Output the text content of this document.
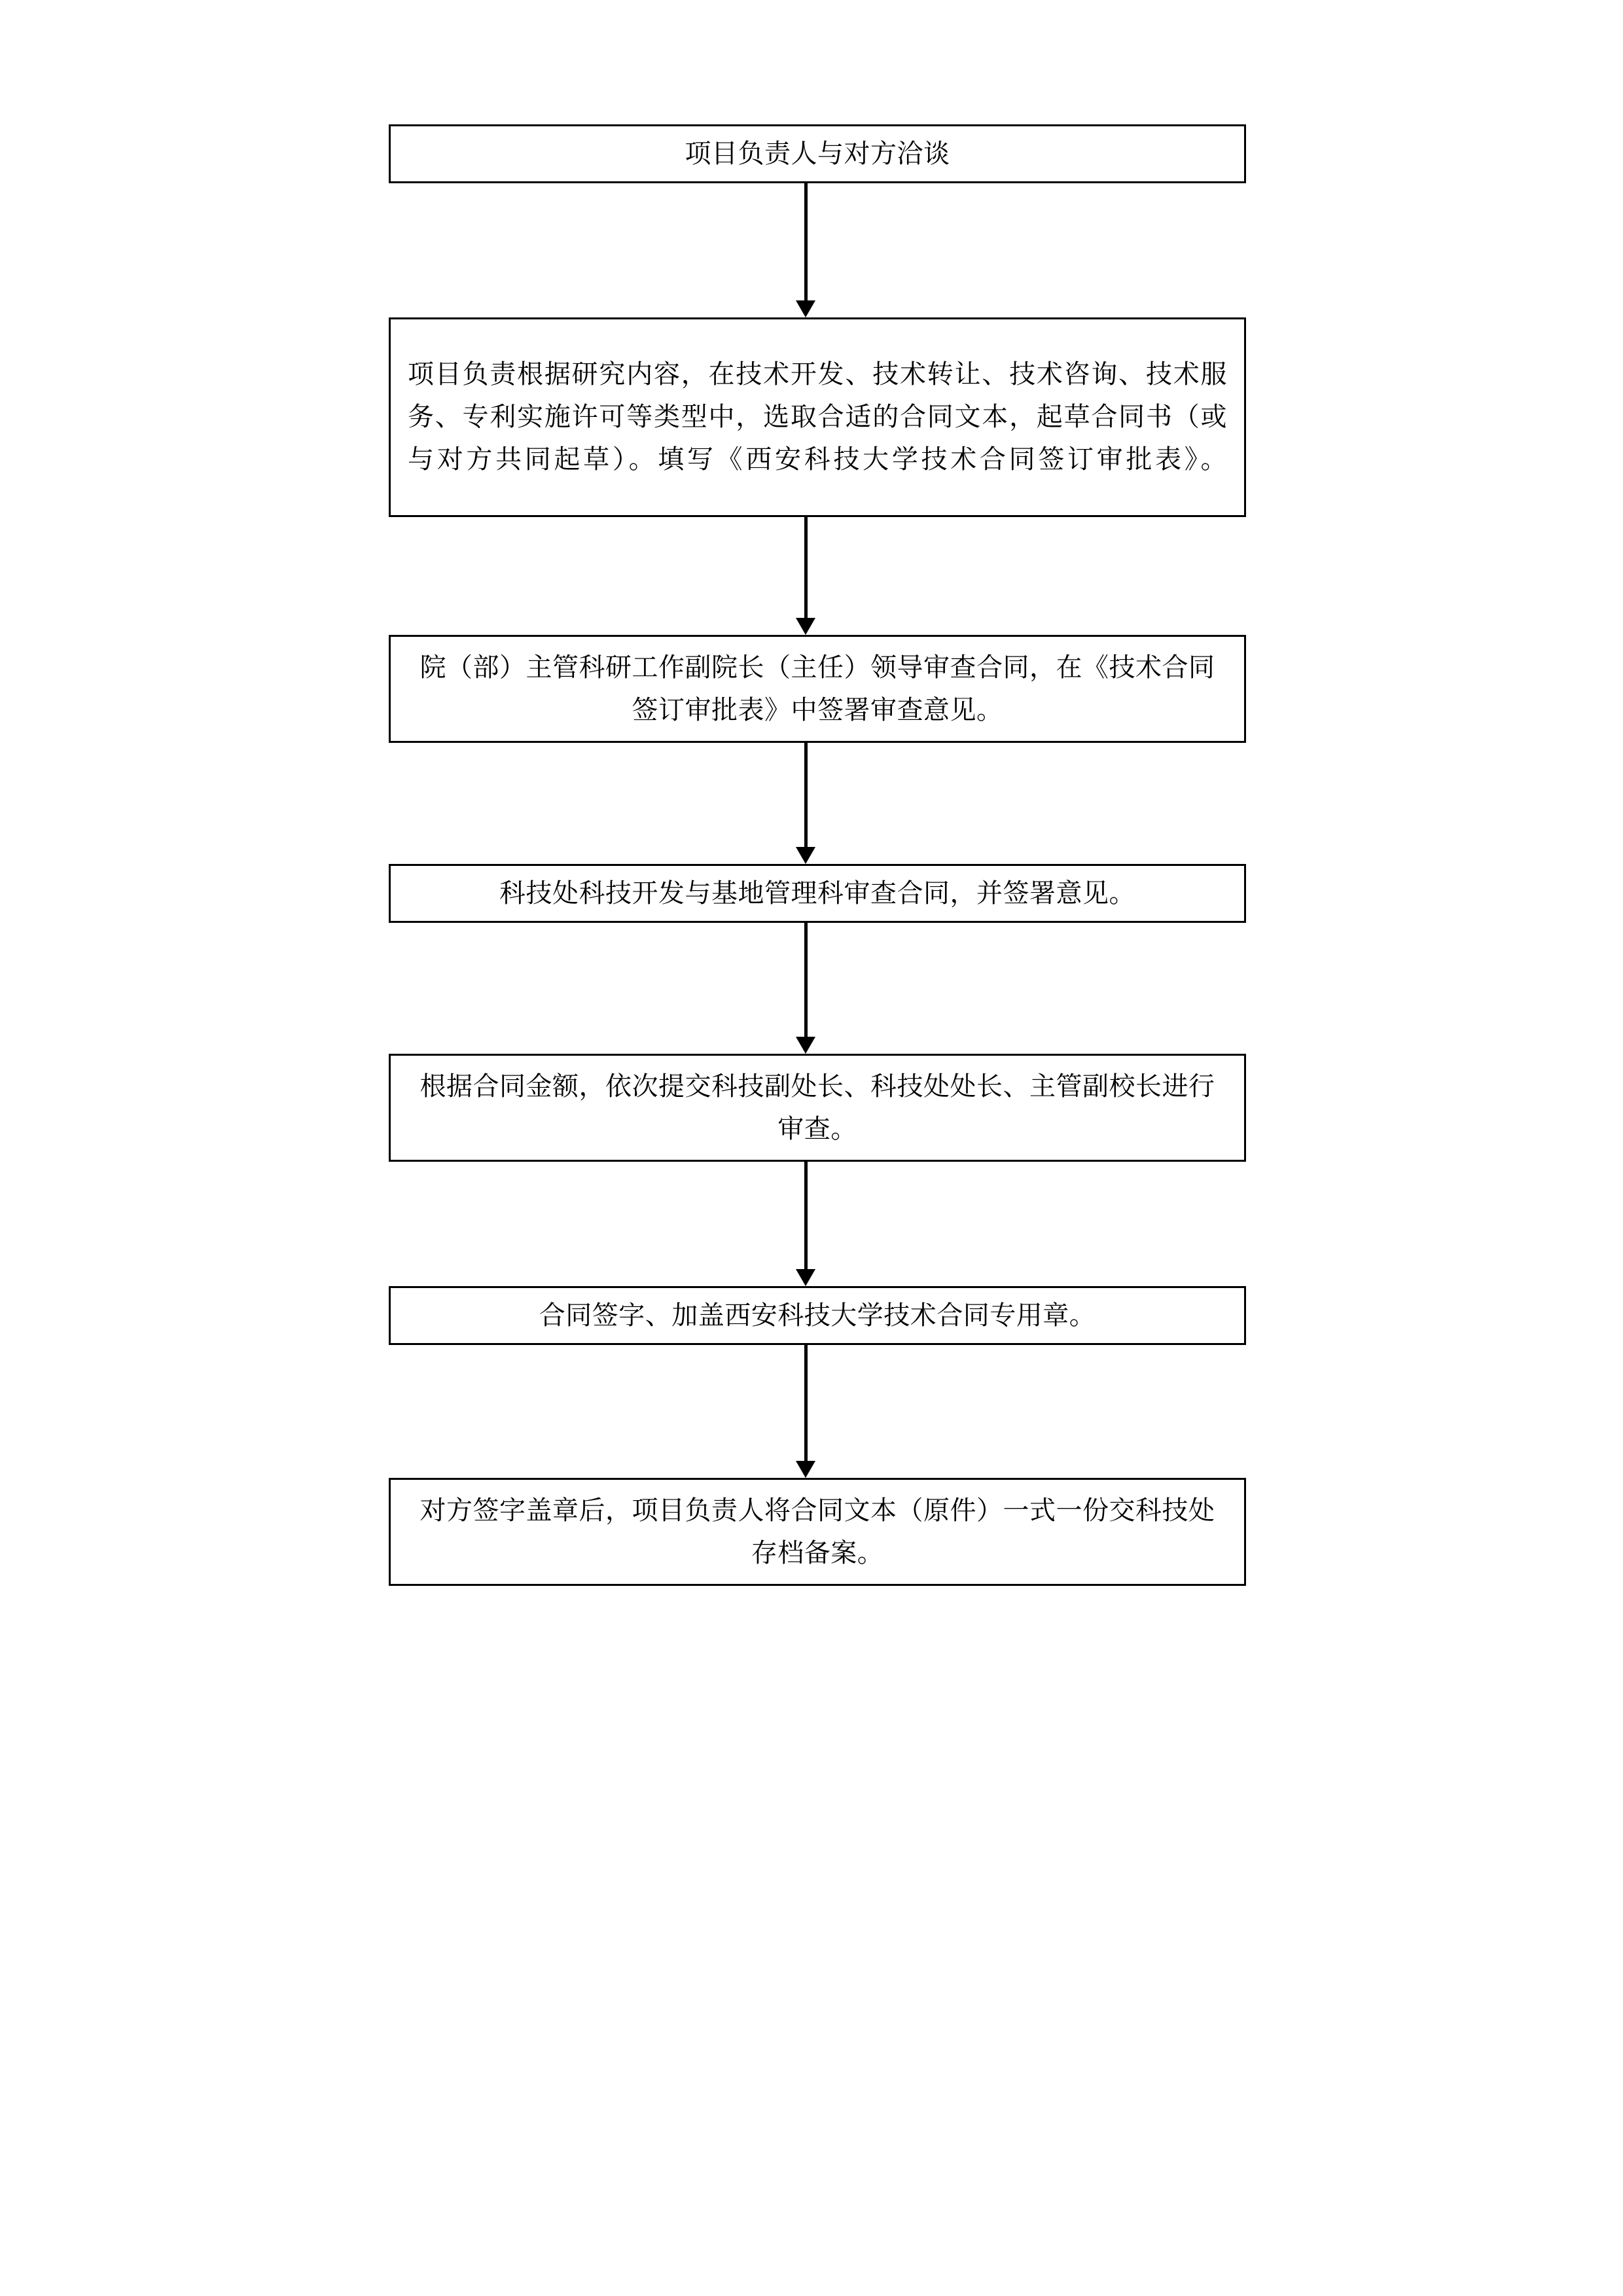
项目负责人与对方洽谈
项目负责根据研究内容，在技术开发、技术转让、技术咨询、技术服务、专利实施许可等类型中，选取合适的合同文本，起草合同书（或与对方共同起草）。填写《西安科技大学技术合同签订审批表》。
院（部）主管科研工作副院长（主任）领导审查合同，在《技术合同签订审批表》中签署审查意见。
科技处科技开发与基地管理科审查合同，并签署意见。
根据合同金额，依次提交科技副处长、科技处处长、主管副校长进行审查。
合同签字、加盖西安科技大学技术合同专用章。
对方签字盖章后，项目负责人将合同文本（原件）一式一份交科技处存档备案。
